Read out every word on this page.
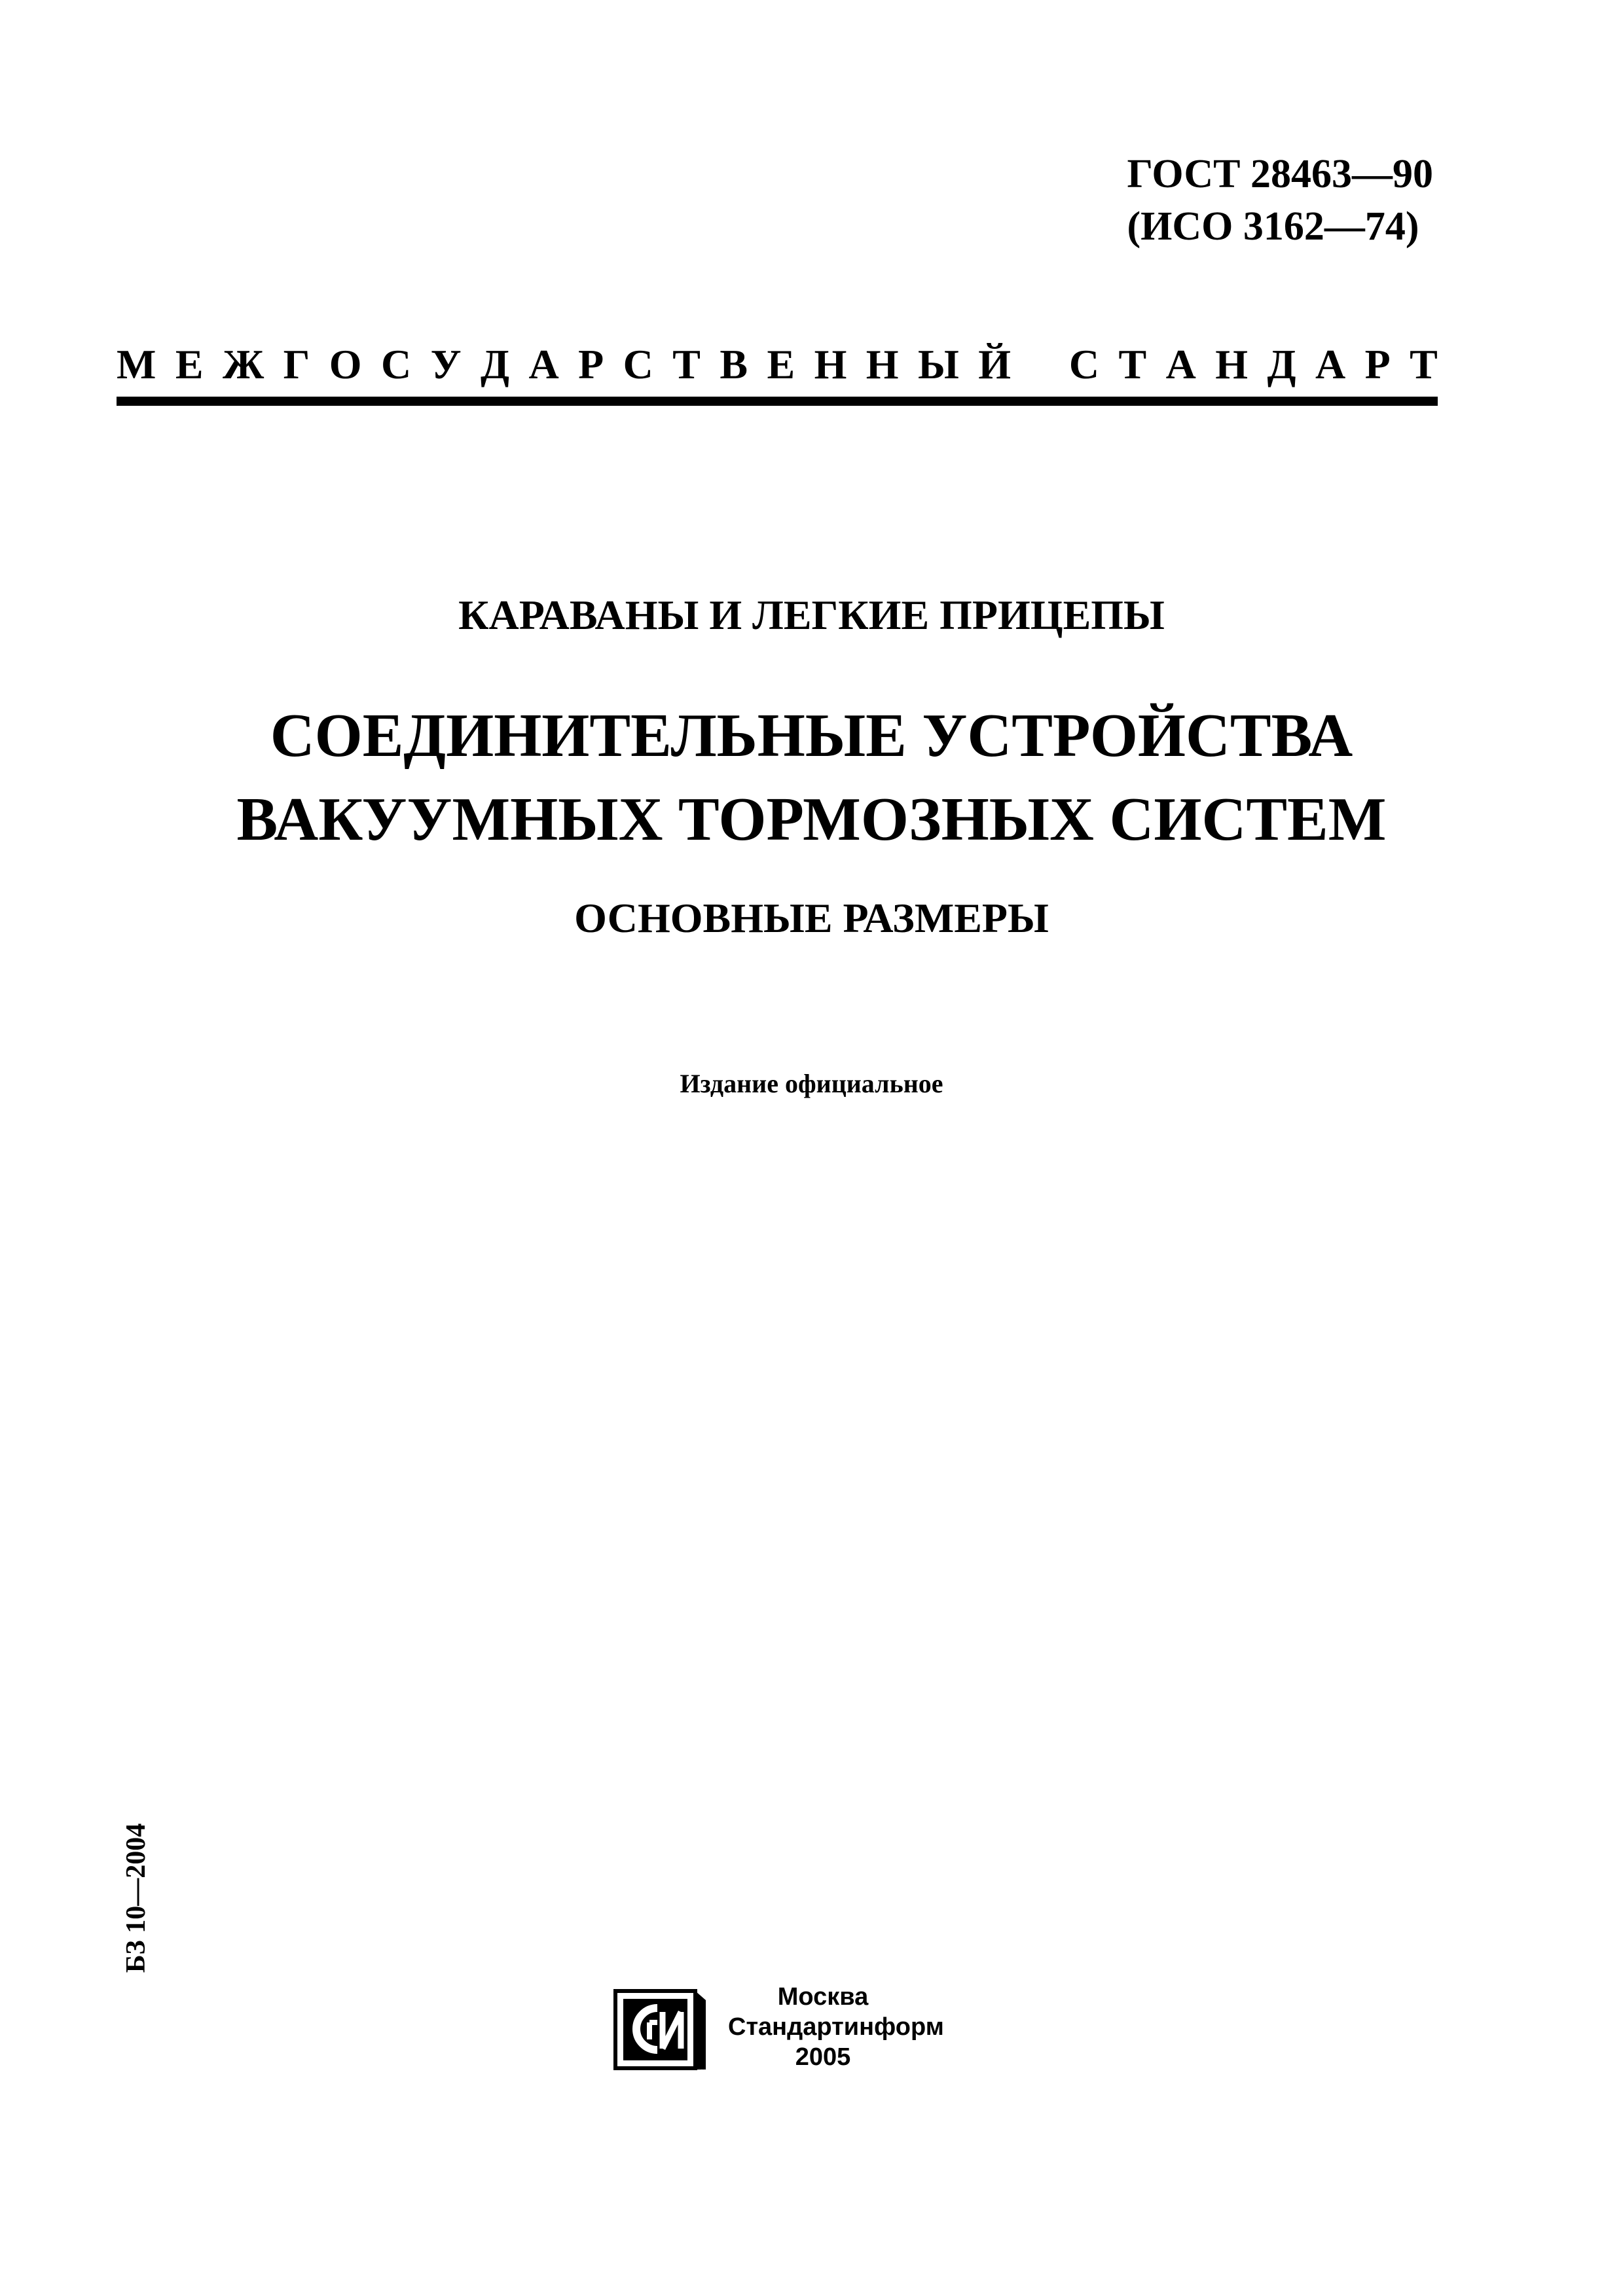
ГОСТ 28463—90
(ИСО 3162—74)
М Е Ж Г О С У Д А Р С Т В Е Н Н Ы Й С Т А Н Д А Р Т
КАРАВАНЫ И ЛЕГКИЕ ПРИЦЕПЫ
СОЕДИНИТЕЛЬНЫЕ УСТРОЙСТВА
ВАКУУМНЫХ ТОРМОЗНЫХ СИСТЕМ
ОСНОВНЫЕ РАЗМЕРЫ
Издание официальное
БЗ 10—2004
Москва
Стандартинформ
2005
